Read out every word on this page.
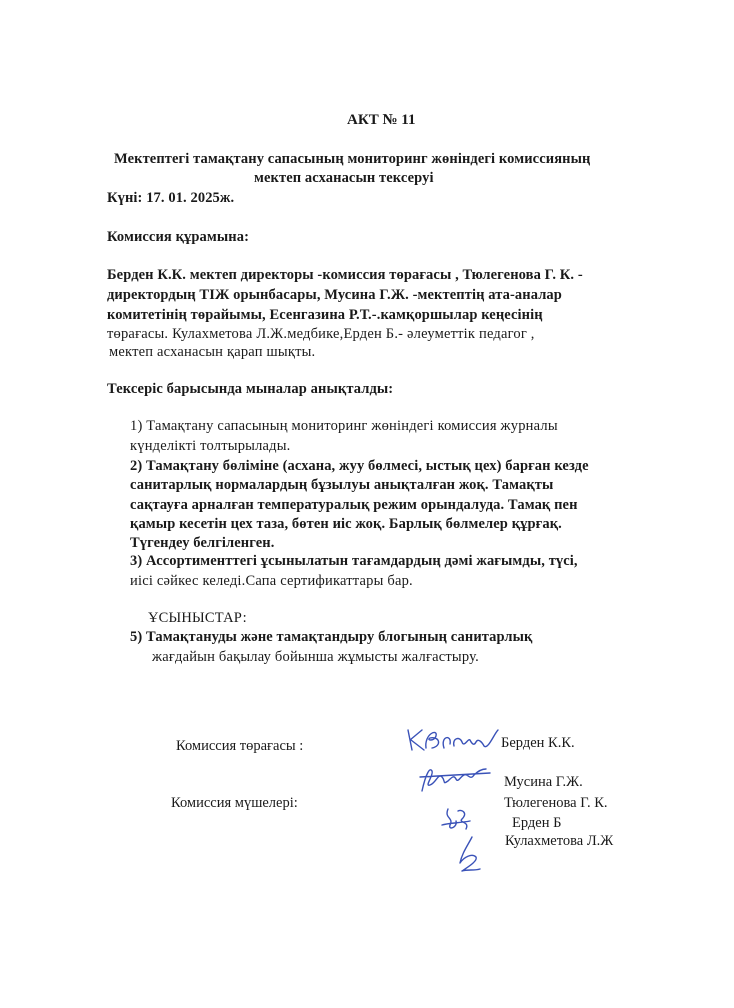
АКТ № 11
Мектептегі тамақтану сапасының мониторинг жөніндегі комиссияның
мектеп асханасын тексеруі
Күні: 17. 01. 2025ж.
Комиссия құрамына:
Берден К.К. мектеп директоры -комиссия төрағасы , Тюлегенова Г. К. -
директордың ТІЖ орынбасары, Мусина Г.Ж. -мектептің ата-аналар
комитетінің төрайымы, Есенгазина Р.Т.-.камқоршылар кеңесінің
төрағасы. Кулахметова Л.Ж.медбике,Ерден Б.- әлеуметтік педагог ,
мектеп асханасын қарап шықты.
Тексеріс барысында мыналар анықталды:
1) Тамақтану сапасының мониторинг жөніндегі комиссия журналы
күнделікті толтырылады.
2) Тамақтану бөліміне (асхана, жуу бөлмесі, ыстық цех) барған кезде
санитарлық нормалардың бұзылуы анықталған жоқ. Тамақты
сақтауға арналған температуралық режим орындалуда. Тамақ пен
қамыр кесетін цех таза, бөтен иіс жоқ. Барлық бөлмелер құрғақ.
Түгендеу белгіленген.
3) Ассортименттегі ұсынылатын тағамдардың дәмі жағымды, түсі,
иісі сәйкес келеді.Сапа сертификаттары бар.
ҰСЫНЫСТАР:
5) Тамақтануды және тамақтандыру блогының санитарлық
жағдайын бақылау бойынша жұмысты жалғастыру.
Комиссия төрағасы :	Берден К.К.
Комиссия мүшелері:
Мусина Г.Ж.
Тюлегенова Г. К.
Ерден Б
Кулахметова Л.Ж
